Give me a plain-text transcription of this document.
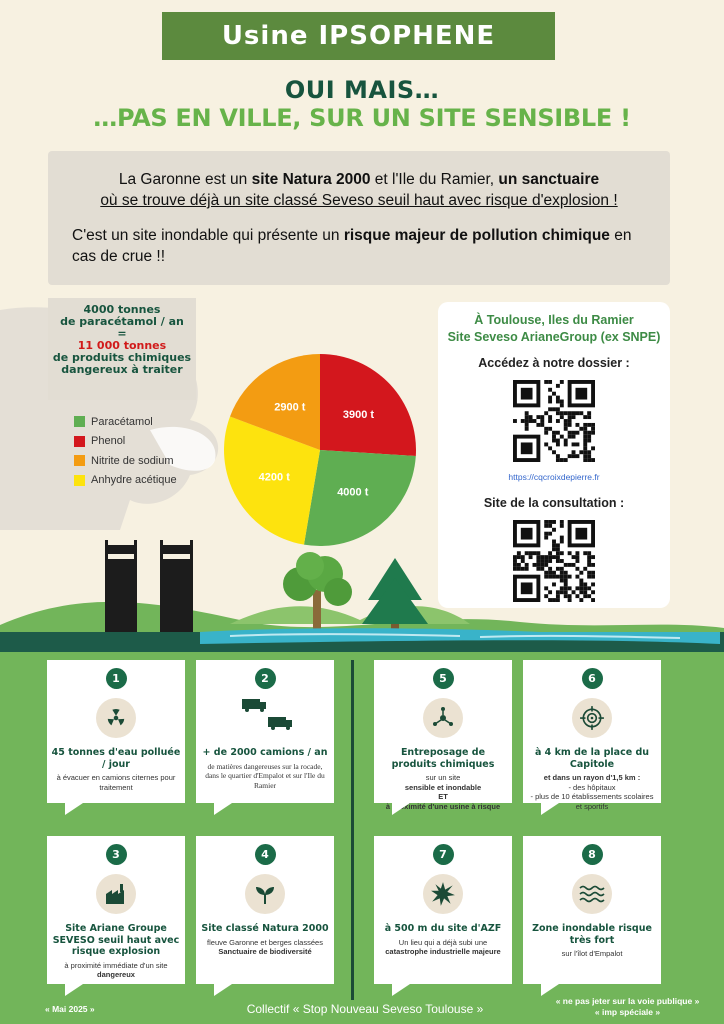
Usine IPSOPHENE
OUI MAIS…
…PAS EN VILLE, SUR UN SITE SENSIBLE !
La Garonne est un site Natura 2000 et l'Ile du Ramier, un sanctuaire
où se trouve déjà un site classé Seveso seuil haut avec risque d'explosion !
C'est un site inondable qui présente un risque majeur de pollution chimique en cas de crue !!
4000 tonnes
de paracétamol / an
=
11 000 tonnes
de produits chimiques
dangereux à traiter
Paracétamol
Phenol
Nitrite de sodium
Anhydre acétique
3900 t
4000 t
4200 t
2900 t
À Toulouse, Iles du Ramier
Site Seveso ArianeGroup (ex SNPE)
Accédez à notre dossier :
https://cqcroixdepierre.fr
Site de la consultation :
1
45 tonnes d'eau polluée / jour
à évacuer en camions citernes pour traitement
2
+ de 2000 camions / an
de matières dangereuses sur la rocade, dans le quartier d'Empalot et sur l'Ile du Ramier
5
Entreposage de produits chimiques
sur un site
sensible et inondable
ET
à proximité d'une usine à risque
6
à 4 km de la place du Capitole
et dans un rayon d'1,5 km :
- des hôpitaux
- plus de 10 établissements scolaires et sportifs
3
Site Ariane Groupe SEVESO seuil haut avec risque explosion
à proximité immédiate d'un site dangereux
4
Site classé Natura 2000
fleuve Garonne et berges classées
Sanctuaire de biodiversité
7
à 500 m du site d'AZF
Un lieu qui a déjà subi une
catastrophe industrielle majeure
8
Zone inondable risque très fort
sur l'îlot d'Empalot
« Mai 2025 »	Collectif « Stop Nouveau Seveso Toulouse »
« ne pas jeter sur la voie publique »
« imp spéciale »
